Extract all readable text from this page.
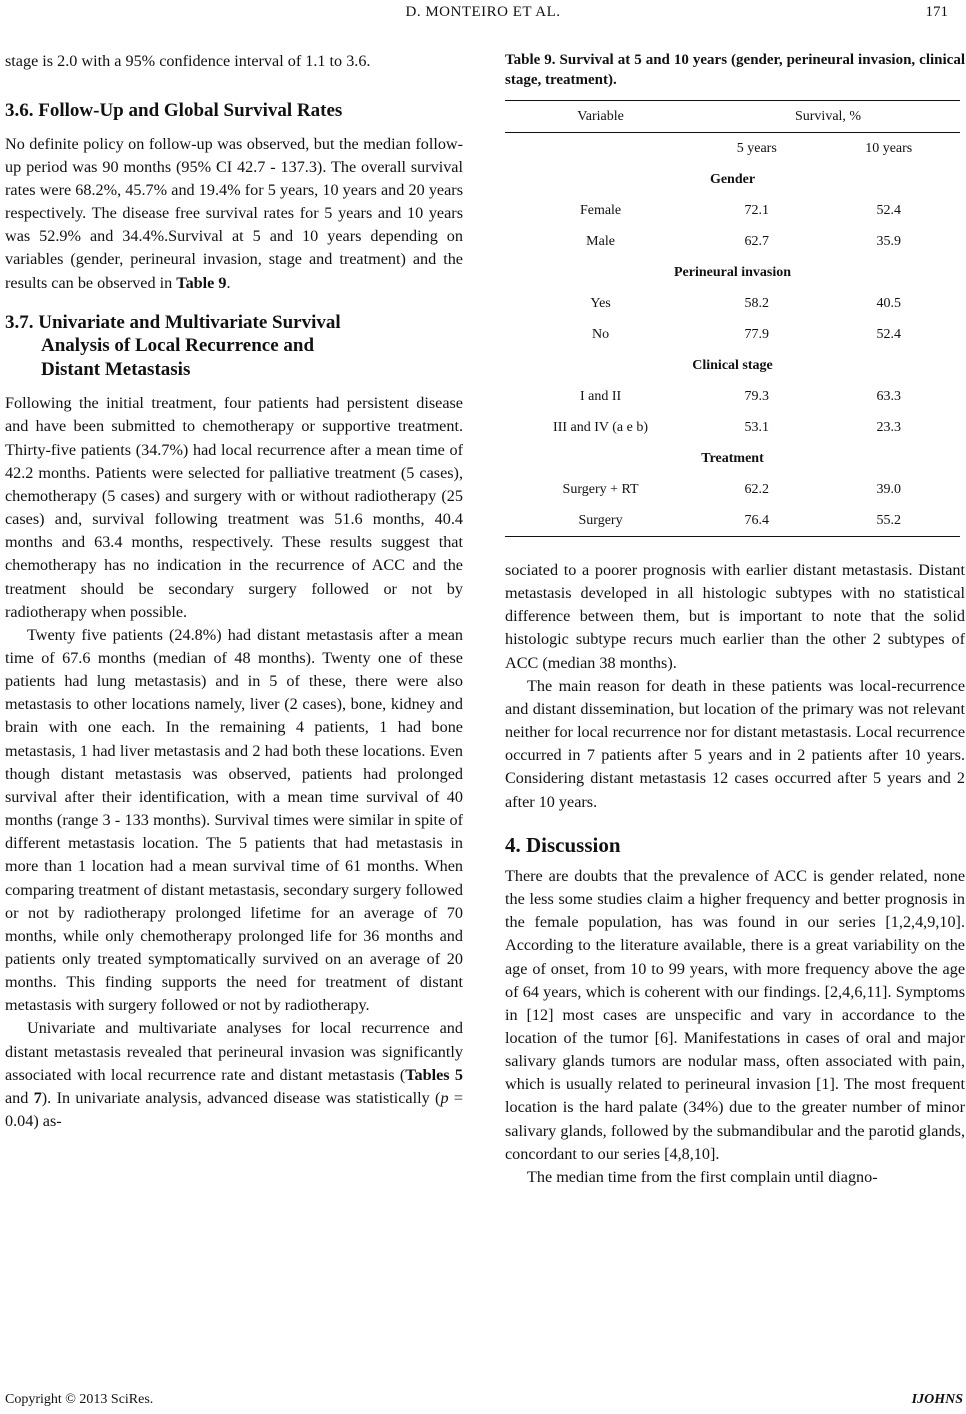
D. MONTEIRO ET AL.	171

stage is 2.0 with a 95% confidence interval of 1.1 to 3.6.

3.6. Follow-Up and Global Survival Rates

No definite policy on follow-up was observed, but the median follow-up period was 90 months (95% CI 42.7 - 137.3). The overall survival rates were 68.2%, 45.7% and 19.4% for 5 years, 10 years and 20 years respectively. The disease free survival rates for 5 years and 10 years was 52.9% and 34.4%.Survival at 5 and 10 years depending on variables (gender, perineural invasion, stage and treatment) and the results can be observed in Table 9.

3.7. Univariate and Multivariate Survival
Analysis of Local Recurrence and
Distant Metastasis

Following the initial treatment, four patients had persistent disease and have been submitted to chemotherapy or supportive treatment. Thirty-five patients (34.7%) had local recurrence after a mean time of 42.2 months. Patients were selected for palliative treatment (5 cases), chemotherapy (5 cases) and surgery with or without radiotherapy (25 cases) and, survival following treatment was 51.6 months, 40.4 months and 63.4 months, respectively. These results suggest that chemotherapy has no indication in the recurrence of ACC and the treatment should be secondary surgery followed or not by radiotherapy when possible.

Twenty five patients (24.8%) had distant metastasis after a mean time of 67.6 months (median of 48 months). Twenty one of these patients had lung metastasis) and in 5 of these, there were also metastasis to other locations namely, liver (2 cases), bone, kidney and brain with one each. In the remaining 4 patients, 1 had bone metastasis, 1 had liver metastasis and 2 had both these locations. Even though distant metastasis was observed, patients had prolonged survival after their identification, with a mean time survival of 40 months (range 3 - 133 months). Survival times were similar in spite of different metastasis location. The 5 patients that had metastasis in more than 1 location had a mean survival time of 61 months. When comparing treatment of distant metastasis, secondary surgery followed or not by radiotherapy prolonged lifetime for an average of 70 months, while only chemotherapy prolonged life for 36 months and patients only treated symptomatically survived on an average of 20 months. This finding supports the need for treatment of distant metastasis with surgery followed or not by radiotherapy.

Univariate and multivariate analyses for local recurrence and distant metastasis revealed that perineural invasion was significantly associated with local recurrence rate and distant metastasis (Tables 5 and 7). In univariate analysis, advanced disease was statistically (p = 0.04) as-

Table 9. Survival at 5 and 10 years (gender, perineural invasion, clinical stage, treatment).

Variable	Survival, %	
	5 years	10 years
Gender		
Female	72.1	52.4
Male	62.7	35.9
Perineural invasion		
Yes	58.2	40.5
No	77.9	52.4
Clinical stage		
I and II	79.3	63.3
III and IV (a e b)	53.1	23.3
Treatment		
Surgery + RT	62.2	39.0
Surgery	76.4	55.2

sociated to a poorer prognosis with earlier distant metastasis. Distant metastasis developed in all histologic subtypes with no statistical difference between them, but is important to note that the solid histologic subtype recurs much earlier than the other 2 subtypes of ACC (median 38 months).

The main reason for death in these patients was local-recurrence and distant dissemination, but location of the primary was not relevant neither for local recurrence nor for distant metastasis. Local recurrence occurred in 7 patients after 5 years and in 2 patients after 10 years. Considering distant metastasis 12 cases occurred after 5 years and 2 after 10 years.

4. Discussion

There are doubts that the prevalence of ACC is gender related, none the less some studies claim a higher frequency and better prognosis in the female population, has was found in our series [1,2,4,9,10]. According to the literature available, there is a great variability on the age of onset, from 10 to 99 years, with more frequency above the age of 64 years, which is coherent with our findings. [2,4,6,11]. Symptoms in [12] most cases are unspecific and vary in accordance to the location of the tumor [6]. Manifestations in cases of oral and major salivary glands tumors are nodular mass, often associated with pain, which is usually related to perineural invasion [1]. The most frequent location is the hard palate (34%) due to the greater number of minor salivary glands, followed by the submandibular and the parotid glands, concordant to our series [4,8,10].

The median time from the first complain until diagno-

Copyright © 2013 SciRes.	IJOHNS
